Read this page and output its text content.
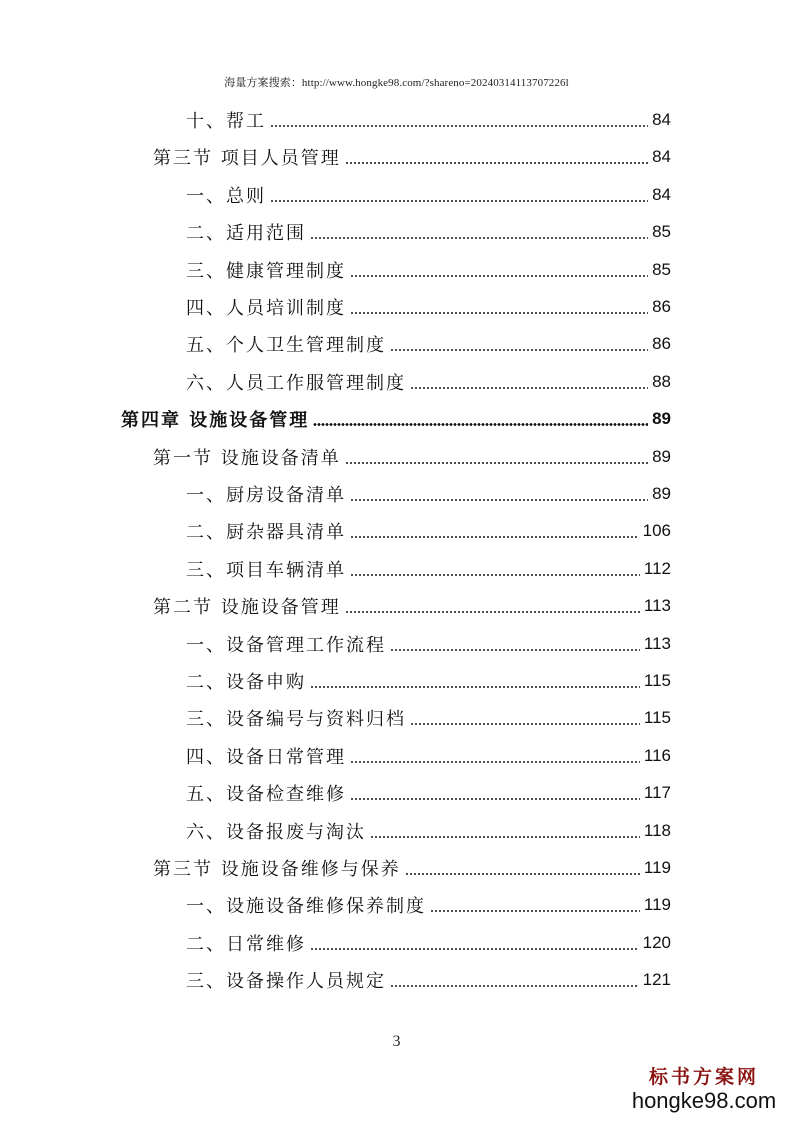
海量方案搜索：http://www.hongke98.com/?shareno=20240314113707226l
十、帮工	84
第三节 项目人员管理	84
一、总则	84
二、适用范围	85
三、健康管理制度	85
四、人员培训制度	86
五、个人卫生管理制度	86
六、人员工作服管理制度	88
第四章 设施设备管理	89
第一节 设施设备清单	89
一、厨房设备清单	89
二、厨杂器具清单	106
三、项目车辆清单	112
第二节 设施设备管理	113
一、设备管理工作流程	113
二、设备申购	115
三、设备编号与资料归档	115
四、设备日常管理	116
五、设备检查维修	117
六、设备报废与淘汰	118
第三节 设施设备维修与保养	119
一、设施设备维修保养制度	119
二、日常维修	120
三、设备操作人员规定	121
3
标书方案网
hongke98.com
